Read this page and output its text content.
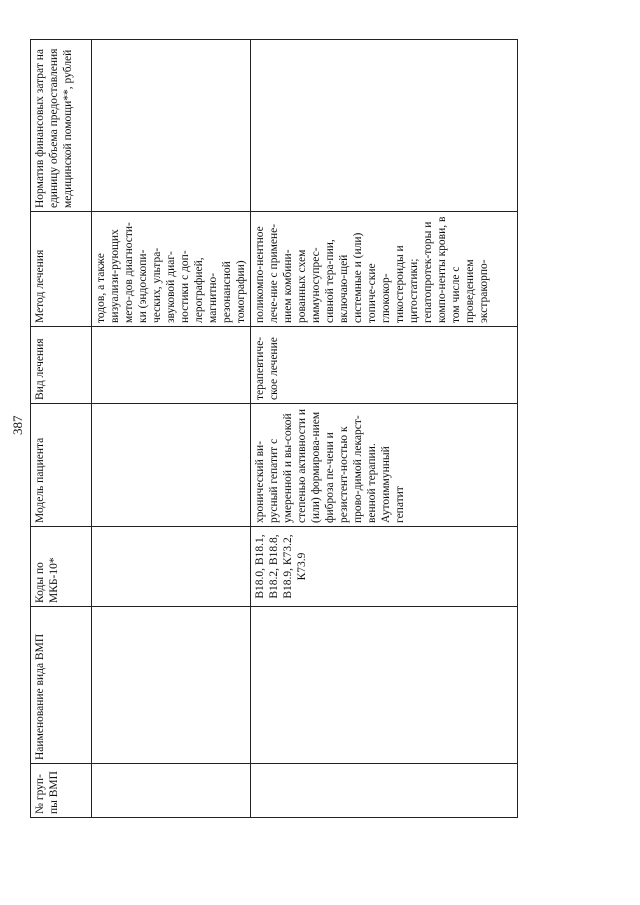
387
№ груп-пы ВМП	Наименование вида ВМП	Коды по МКБ-10*	Модель пациента	Вид лечения	Метод лечения	Норматив финансовых затрат на единицу объема предоставления медицинской помощи**, рублей
					тодов, а также визуализи-рующих мето-дов диагности-ки (эндоскопи-ческих, ультра-звуковой диаг-ностики с доп-лерографией, магнитно-резонансной томографии)	
		В18.0, В18.1, В18.2, В18.8, В18.9, К73.2, К73.9	хронический ви-русный гепатит с умеренной и вы-сокой степенью активности и (или) формирова-нием фиброза пе-чени и резистент-ностью к прово-димой лекарст-венной терапии. Аутоиммунный гепатит	терапевтиче-ское лечение	поликомпо-нентное лече-ние с примене-нием комбини-рованных схем иммуносупрес-сивной тера-пии, включаю-щей системные и (или) топиче-ские глюкокор-тикостероиды и цитостатики; гепатопротек-торы и компо-ненты крови, в том числе с проведением экстракорпо-	
